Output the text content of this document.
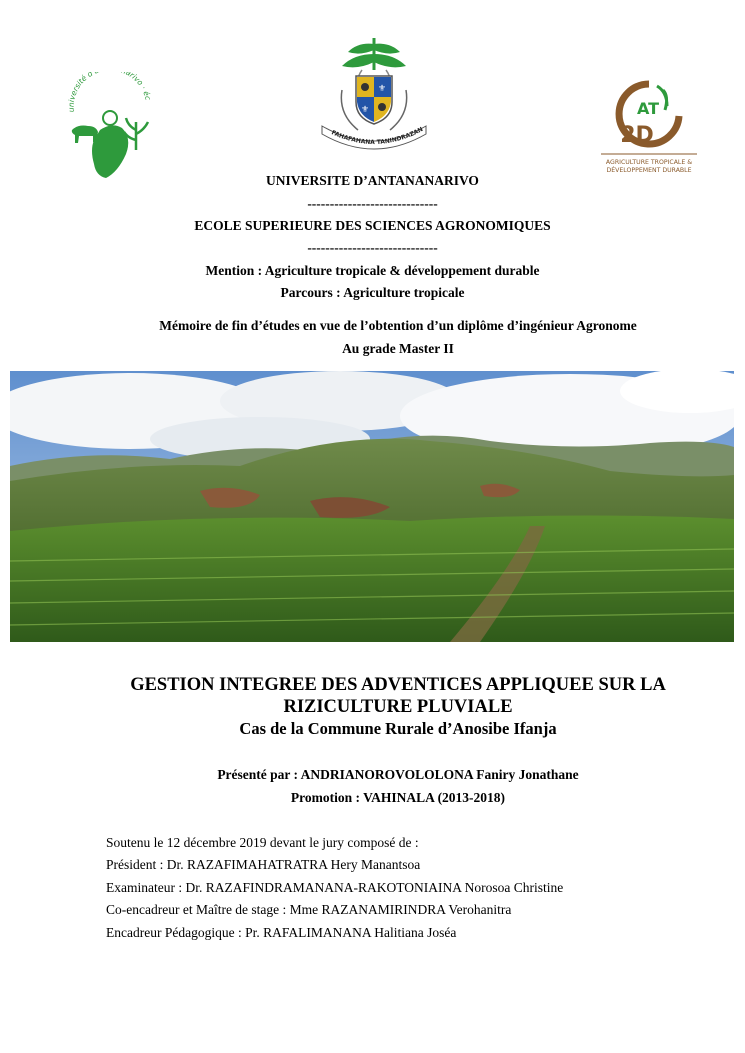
université d' arivo · éc
⚜
⚜
FAHAFAHANA TANINDRAZAN
AT
2D
AGRICULTURE TROPICALE &
DÉVELOPPEMENT DURABLE
UNIVERSITE D’ANTANANARIVO
-----------------------------
ECOLE SUPERIEURE DES SCIENCES AGRONOMIQUES
-----------------------------
Mention : Agriculture tropicale & développement durable
Parcours : Agriculture tropicale
Mémoire de fin d’études en vue de l’obtention d’un diplôme d’ingénieur Agronome
Au grade Master II
GESTION INTEGREE DES ADVENTICES APPLIQUEE SUR LA
RIZICULTURE PLUVIALE
Cas de la Commune Rurale d’Anosibe Ifanja
Présenté par : ANDRIANOROVOLOLONA Faniry Jonathane
Promotion : VAHINALA (2013-2018)
Soutenu le 12 décembre 2019 devant le jury composé de :
Président : Dr. RAZAFIMAHATRATRA Hery Manantsoa
Examinateur : Dr. RAZAFINDRAMANANA-RAKOTONIAINA Norosoa Christine
Co-encadreur et Maître de stage : Mme RAZANAMIRINDRA Verohanitra
Encadreur Pédagogique : Pr. RAFALIMANANA Halitiana Joséa
